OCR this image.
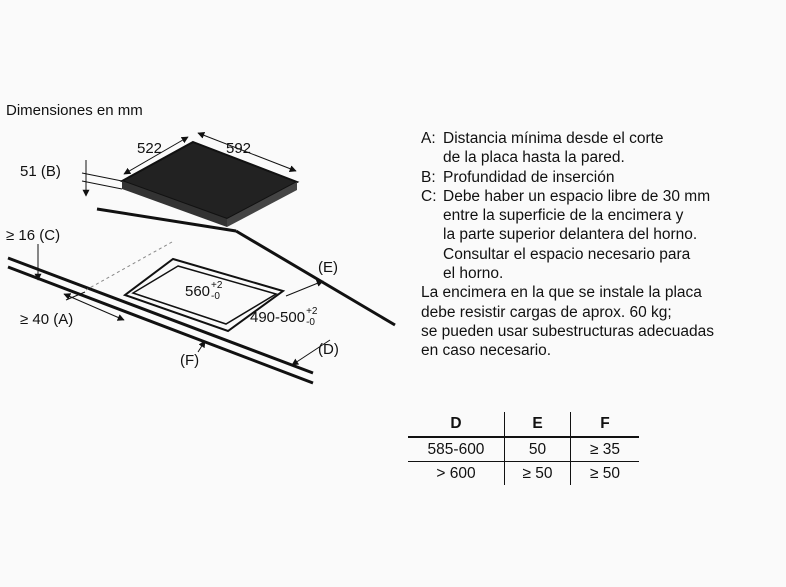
Dimensiones en mm
522	592
51 (B)
≥ 16 (C)
≥ 40 (A)
(E)
(D)
(F)
560+2
-0
490-500+2
-0
A: Distancia mínima desde el corte
de la placa hasta la pared.
B: Profundidad de inserción
C: Debe haber un espacio libre de 30 mm
entre la superficie de la encimera y
la parte superior delantera del horno.
Consultar el espacio necesario para
el horno.
La encimera en la que se instale la placa
debe resistir cargas de aprox. 60 kg;
se pueden usar subestructuras adecuadas
en caso necesario.
D	E	F
585-600	50	≥ 35
> 600	≥ 50	≥ 50
